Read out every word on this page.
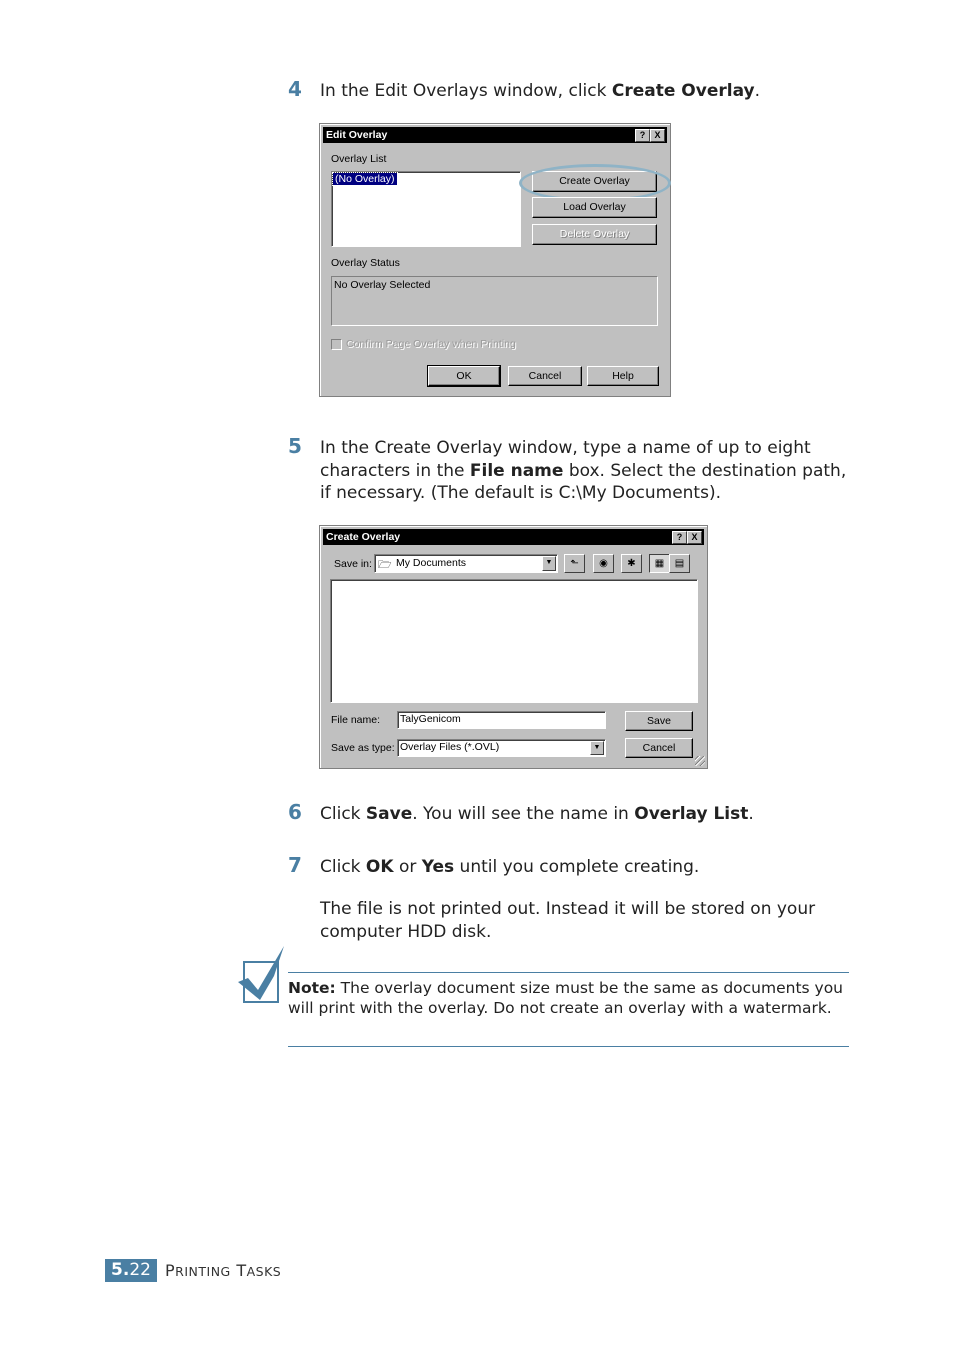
4 In the Edit Overlays window, click Create Overlay.
Edit Overlay	?	X
Overlay List
(No Overlay)	Create Overlay
Load Overlay
Delete Overlay
Overlay Status
No Overlay Selected
Confirm Page Overlay when Printing
OK	Cancel	Help
5 In the Create Overlay window, type a name of up to eight characters in the File name box. Select the destination path, if necessary. (The default is C:\My Documents).
Create Overlay	?	X
Save in: 🗁 My Documents	▼	⬑	◉	✱	▦	▤
File name: TalyGenicom
Save as type: Overlay Files (*.OVL)	▼
Save
Cancel
6 Click Save. You will see the name in Overlay List.
7 Click OK or Yes until you complete creating.
The file is not printed out. Instead it will be stored on your computer HDD disk.
Note: The overlay document size must be the same as documents you will print with the overlay. Do not create an overlay with a watermark.
5.22 PRINTING TASKS
